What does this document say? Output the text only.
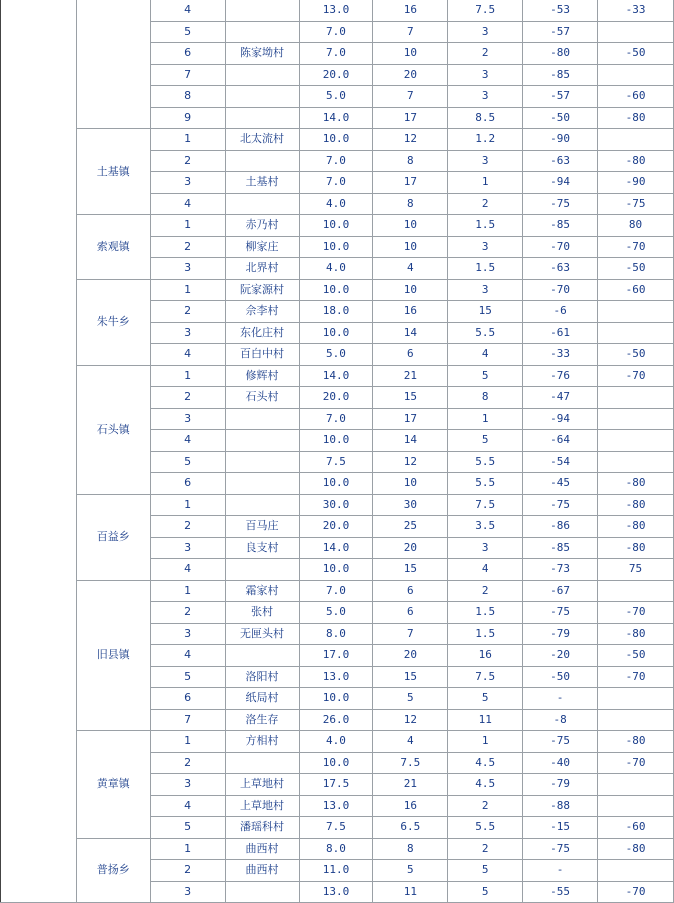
		4		13.0	16	7.5	-53	-33
		5		7.0	7	3	-57	
		6	陈家坳村	7.0	10	2	-80	-50
		7		20.0	20	3	-85	
		8		5.0	7	3	-57	-60
		9		14.0	17	8.5	-50	-80
	土基镇	1	北太流村	10.0	12	1.2	-90	
		2		7.0	8	3	-63	-80
		3	土基村	7.0	17	1	-94	-90
		4		4.0	8	2	-75	-75
	索观镇	1	赤乃村	10.0	10	1.5	-85	80
		2	柳家庄	10.0	10	3	-70	-70
		3	北界村	4.0	4	1.5	-63	-50
	朱牛乡	1	阮家源村	10.0	10	3	-70	-60
		2	佘李村	18.0	16	15	-6	
		3	东化庄村	10.0	14	5.5	-61	
		4	百白中村	5.0	6	4	-33	-50
	石头镇	1	修辉村	14.0	21	5	-76	-70
		2	石头村	20.0	15	8	-47	
		3		7.0	17	1	-94	
		4		10.0	14	5	-64	
		5		7.5	12	5.5	-54	
		6		10.0	10	5.5	-45	-80
	百益乡	1		30.0	30	7.5	-75	-80
		2	百马庄	20.0	25	3.5	-86	-80
		3	良支村	14.0	20	3	-85	-80
		4		10.0	15	4	-73	75
	旧县镇	1	霜家村	7.0	6	2	-67	
		2	张村	5.0	6	1.5	-75	-70
		3	无匣头村	8.0	7	1.5	-79	-80
		4		17.0	20	16	-20	-50
		5	洛阳村	13.0	15	7.5	-50	-70
		6	纸局村	10.0	5	5	-	
		7	洛生存	26.0	12	11	-8	
	黄章镇	1	方相村	4.0	4	1	-75	-80
		2		10.0	7.5	4.5	-40	-70
		3	上草地村	17.5	21	4.5	-79	
		4	上草地村	13.0	16	2	-88	
		5	潘瑶科村	7.5	6.5	5.5	-15	-60
	普扬乡	1	曲西村	8.0	8	2	-75	-80
		2	曲西村	11.0	5	5	-	
		3		13.0	11	5	-55	-70
